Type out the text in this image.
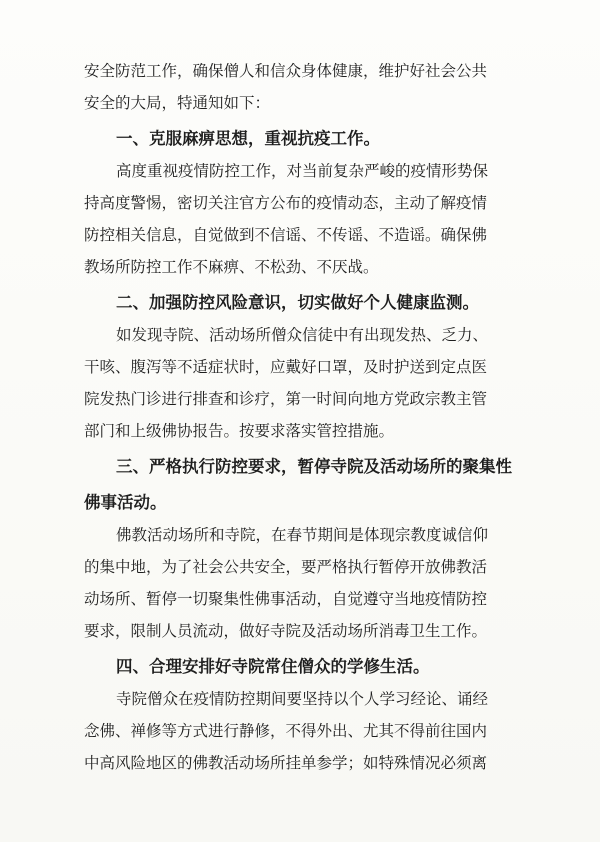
安全防范工作，确保僧人和信众身体健康，维护好社会公共
安全的大局，特通知如下：
一、克服麻痹思想，重视抗疫工作。
高度重视疫情防控工作，对当前复杂严峻的疫情形势保
持高度警惕，密切关注官方公布的疫情动态，主动了解疫情
防控相关信息，自觉做到不信谣、不传谣、不造谣。确保佛
教场所防控工作不麻痹、不松劲、不厌战。
二、加强防控风险意识，切实做好个人健康监测。
如发现寺院、活动场所僧众信徒中有出现发热、乏力、
干咳、腹泻等不适症状时，应戴好口罩，及时护送到定点医
院发热门诊进行排查和诊疗，第一时间向地方党政宗教主管
部门和上级佛协报告。按要求落实管控措施。
三、严格执行防控要求，暂停寺院及活动场所的聚集性
佛事活动。
佛教活动场所和寺院，在春节期间是体现宗教度诚信仰
的集中地，为了社会公共安全，要严格执行暂停开放佛教活
动场所、暂停一切聚集性佛事活动，自觉遵守当地疫情防控
要求，限制人员流动，做好寺院及活动场所消毒卫生工作。
四、合理安排好寺院常住僧众的学修生活。
寺院僧众在疫情防控期间要坚持以个人学习经论、诵经
念佛、禅修等方式进行静修，不得外出、尤其不得前往国内
中高风险地区的佛教活动场所挂单参学；如特殊情况必须离
